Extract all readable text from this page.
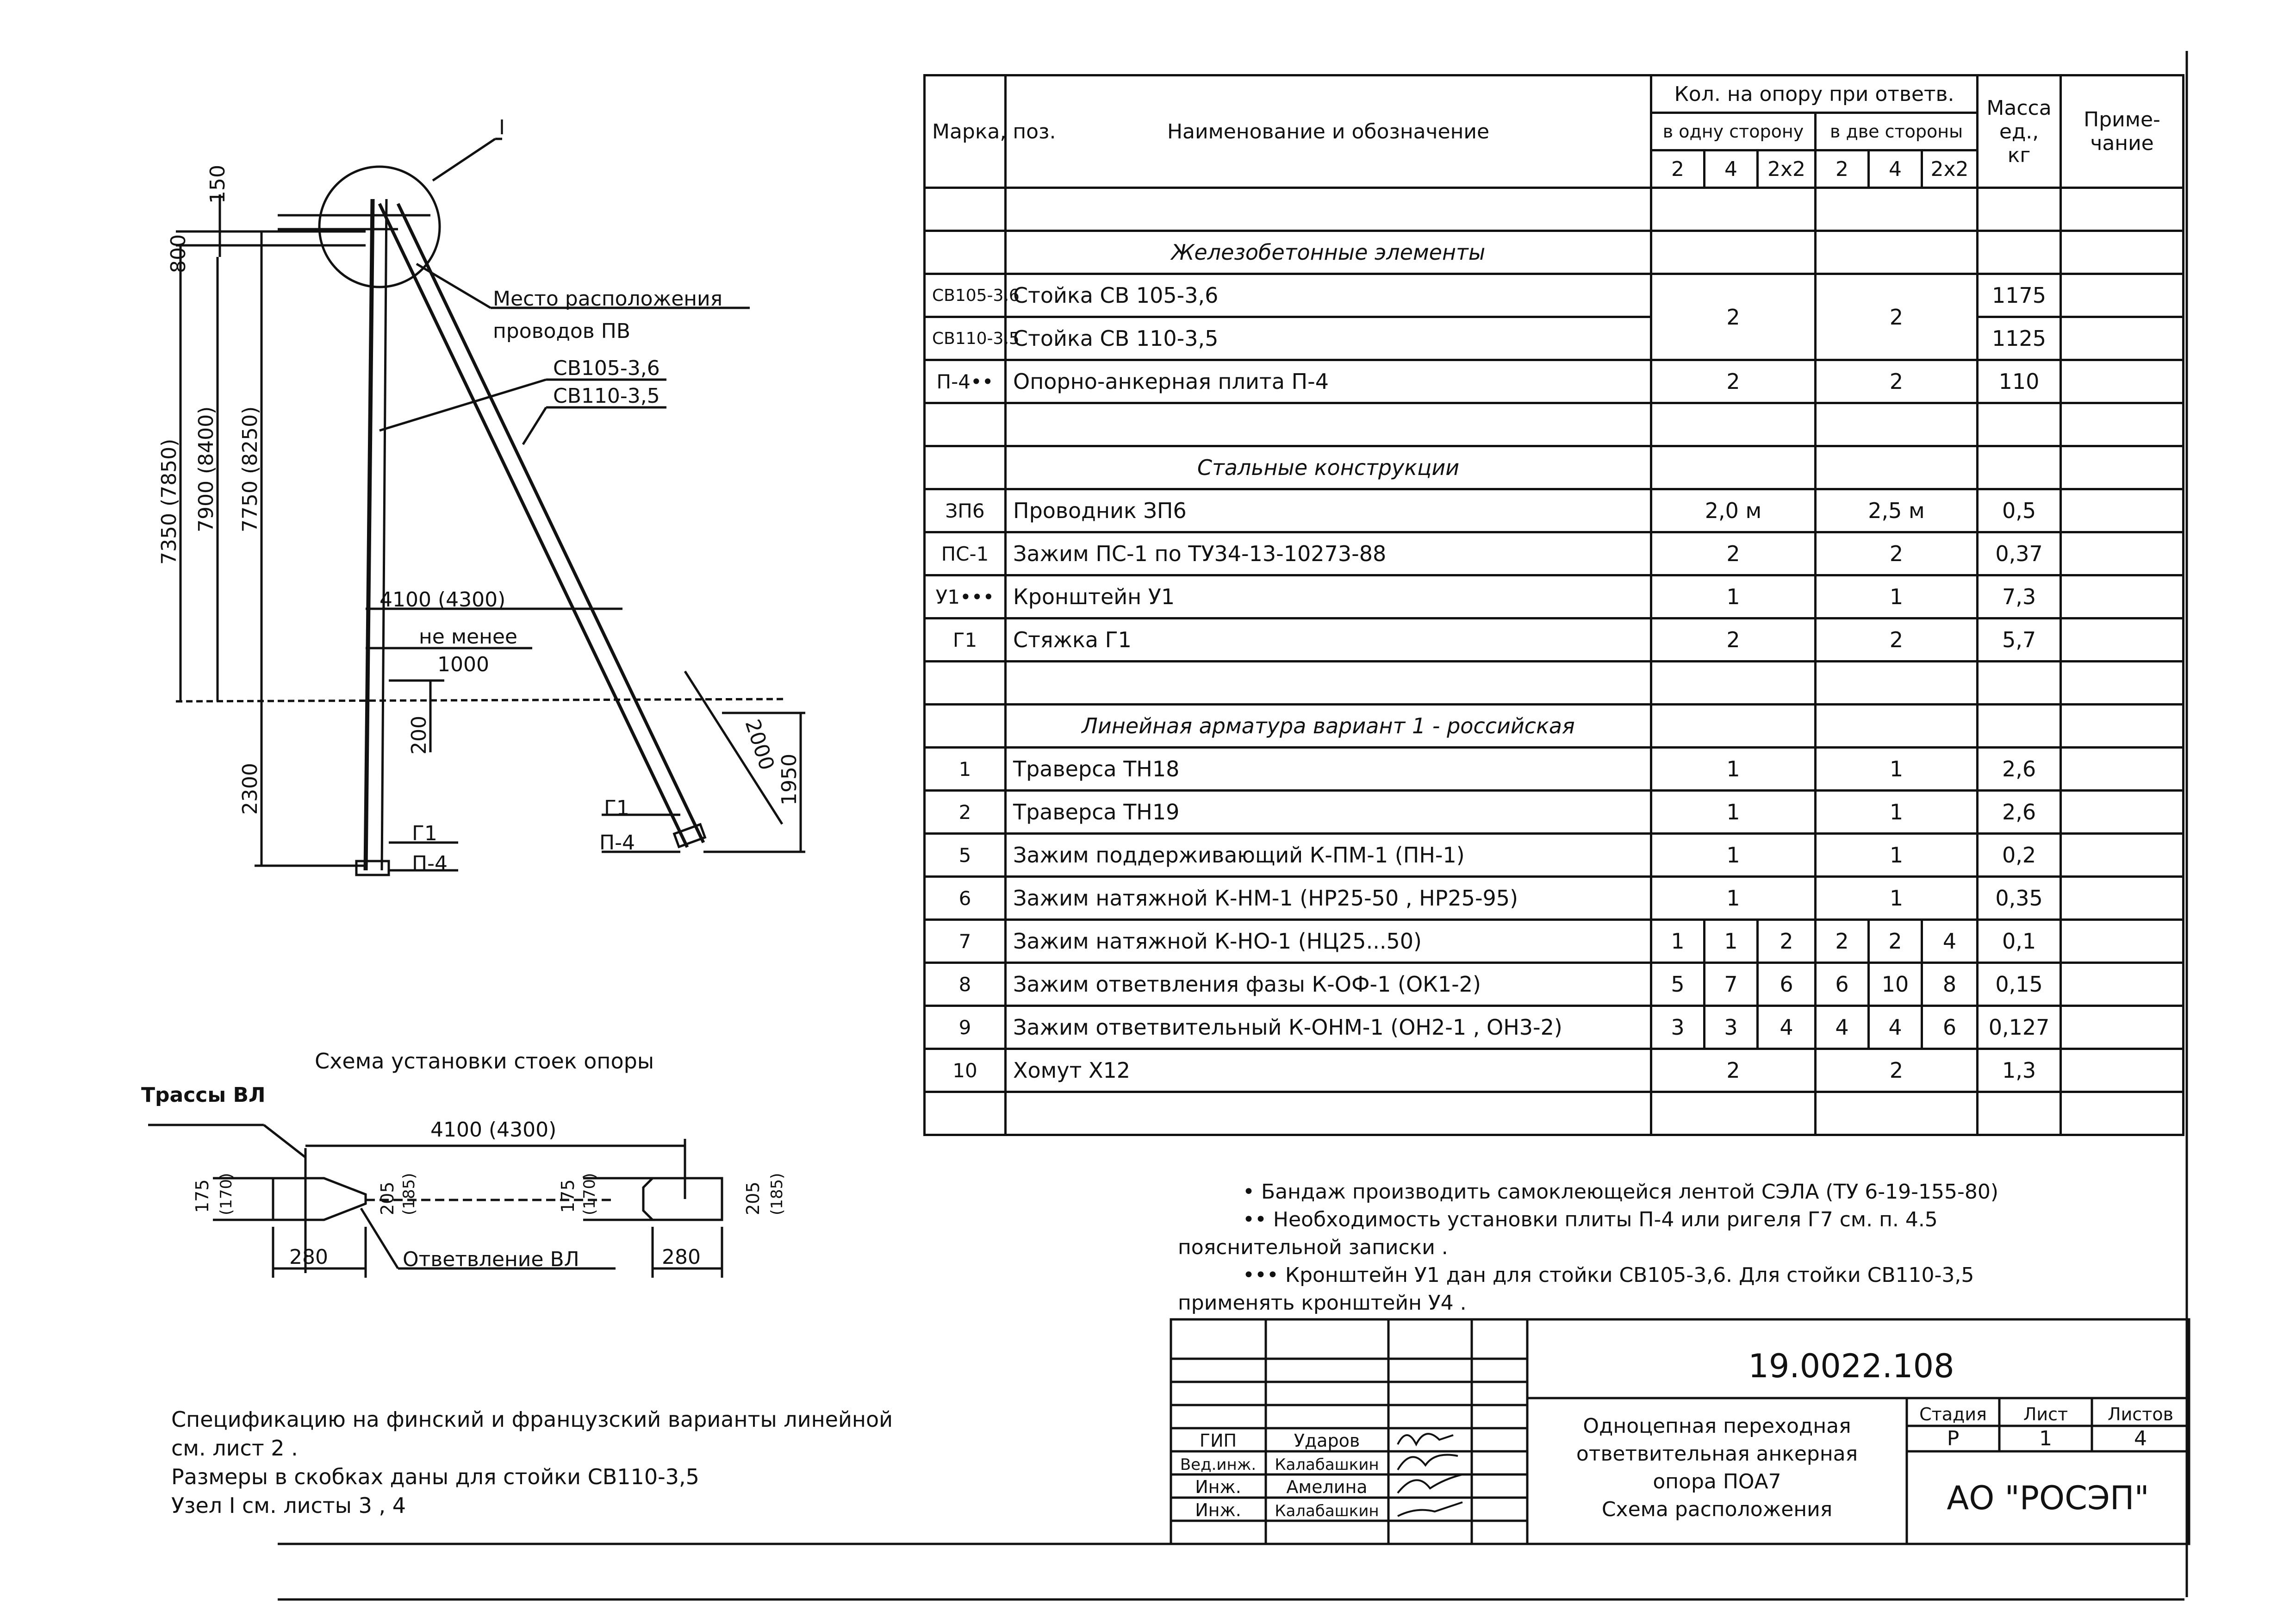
I
Место расположения
проводов ПВ
СВ105-3,6
СВ110-3,5
4100 (4300)
не менее
1000
Г1
П-4
Г1
П-4
150
800
7350 (7850) 7900 (8400) 7750 (8250)
2300
200	2000
1950
Трассы ВЛ
4100 (4300)
Ответвление ВЛ
280	280
175 (170)	175 (170)
205 (185)	205 (185)
19.0022.108
Одноцепная переходная
ответвительная анкерная
опора ПОА7
Схема расположения
Стадия Лист Листов
Р	1	4
АО "РОСЭП"
ГИП	Ударов
Вед.инж. Калабашкин
Инж.	Амелина
Инж. Калабашкин
Схема установки стоек опоры
Марка, поз.	Наименование и обозначение	Кол. на опору при ответв.						Масса ед., кг	Приме-чание
		в одну сторону			в две стороны				
		2	4	2х2	2	4	2х2		

	Железобетонные элементы								
СВ105-3,6	Стойка СВ 105-3,6	2			2			1175	
СВ110-3,5	Стойка СВ 110-3,5							1125	
П-4••	Опорно-анкерная плита П-4	2			2			110	

	Стальные конструкции								
ЗП6	Проводник ЗП6	2,0 м			2,5 м			0,5	
ПС-1	Зажим ПС-1 по ТУ34-13-10273-88	2			2			0,37	
У1•••	Кронштейн У1	1			1			7,3	
Г1	Стяжка Г1	2			2			5,7	

	Линейная арматура вариант 1 - российская								
1	Траверса ТН18	1			1			2,6	
2	Траверса ТН19	1			1			2,6	
5	Зажим поддерживающий К-ПМ-1 (ПН-1)	1			1			0,2	
6	Зажим натяжной К-НМ-1 (НР25-50 , НР25-95)	1			1			0,35	
7	Зажим натяжной К-НО-1 (НЦ25...50)	1	1	2	2	2	4	0,1	
8	Зажим ответвления фазы К-ОФ-1 (ОК1-2)	5	7	6	6	10	8	0,15	
9	Зажим ответвительный К-ОНМ-1 (ОН2-1 , ОН3-2)	3	3	4	4	4	6	0,127	
10	Хомут Х12	2			2			1,3	

• Бандаж производить самоклеющейся лентой СЭЛА (ТУ 6-19-155-80)
•• Необходимость установки плиты П-4 или ригеля Г7 см. п. 4.5
пояснительной записки .
••• Кронштейн У1 дан для стойки СВ105-3,6. Для стойки СВ110-3,5
применять кронштейн У4 .
Спецификацию на финский и французский варианты линейной
см. лист 2 .
Размеры в скобках даны для стойки СВ110-3,5
Узел I см. листы 3 , 4
